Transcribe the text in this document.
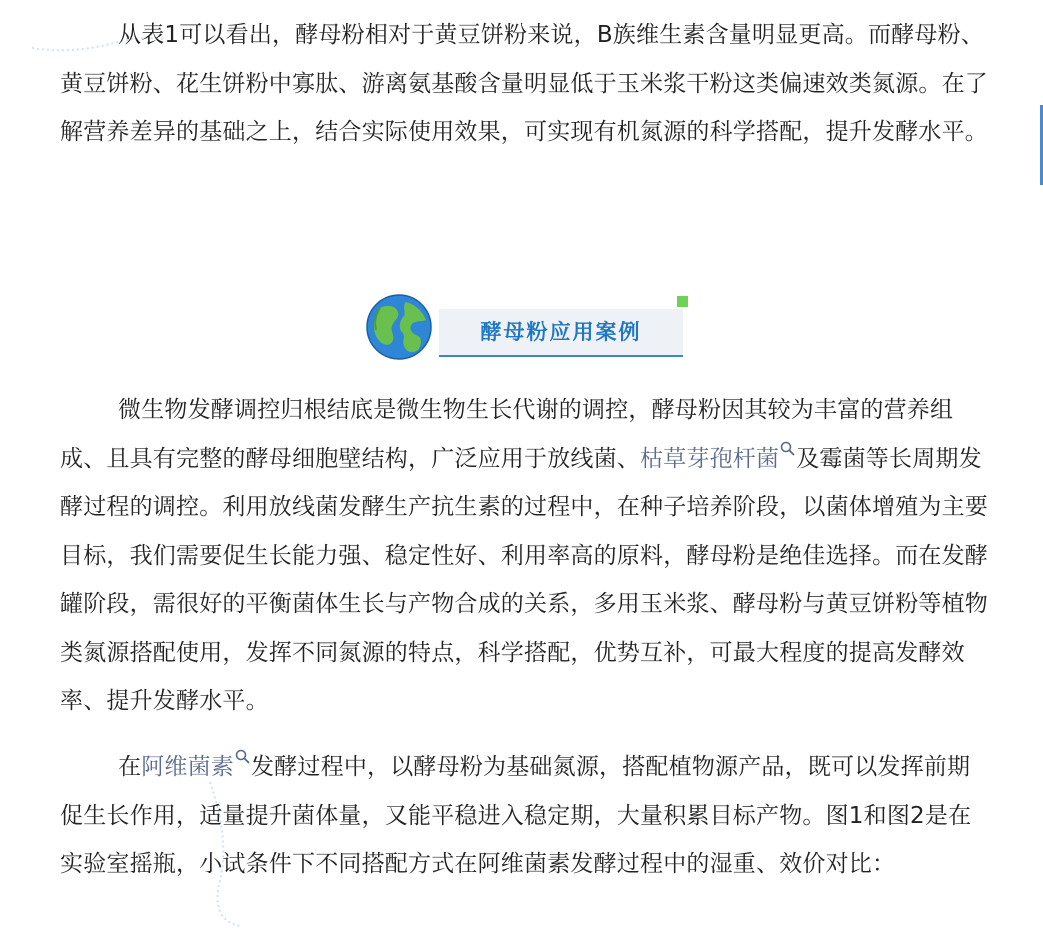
从表1可以看出，酵母粉相对于黄豆饼粉来说，B族维生素含量明显更高。而酵母粉、黄豆饼粉、花生饼粉中寡肽、游离氨基酸含量明显低于玉米浆干粉这类偏速效类氮源。在了解营养差异的基础之上，结合实际使用效果，可实现有机氮源的科学搭配，提升发酵水平。

酵母粉应用案例

微生物发酵调控归根结底是微生物生长代谢的调控，酵母粉因其较为丰富的营养组成、且具有完整的酵母细胞壁结构，广泛应用于放线菌、枯草芽孢杆菌 及霉菌等长周期发酵过程的调控。利用放线菌发酵生产抗生素的过程中，在种子培养阶段，以菌体增殖为主要目标，我们需要促生长能力强、稳定性好、利用率高的原料，酵母粉是绝佳选择。而在发酵罐阶段，需很好的平衡菌体生长与产物合成的关系，多用玉米浆、酵母粉与黄豆饼粉等植物类氮源搭配使用，发挥不同氮源的特点，科学搭配，优势互补，可最大程度的提高发酵效率、提升发酵水平。

在阿维菌素 发酵过程中，以酵母粉为基础氮源，搭配植物源产品，既可以发挥前期促生长作用，适量提升菌体量，又能平稳进入稳定期，大量积累目标产物。图1和图2是在实验室摇瓶，小试条件下不同搭配方式在阿维菌素发酵过程中的湿重、效价对比：
